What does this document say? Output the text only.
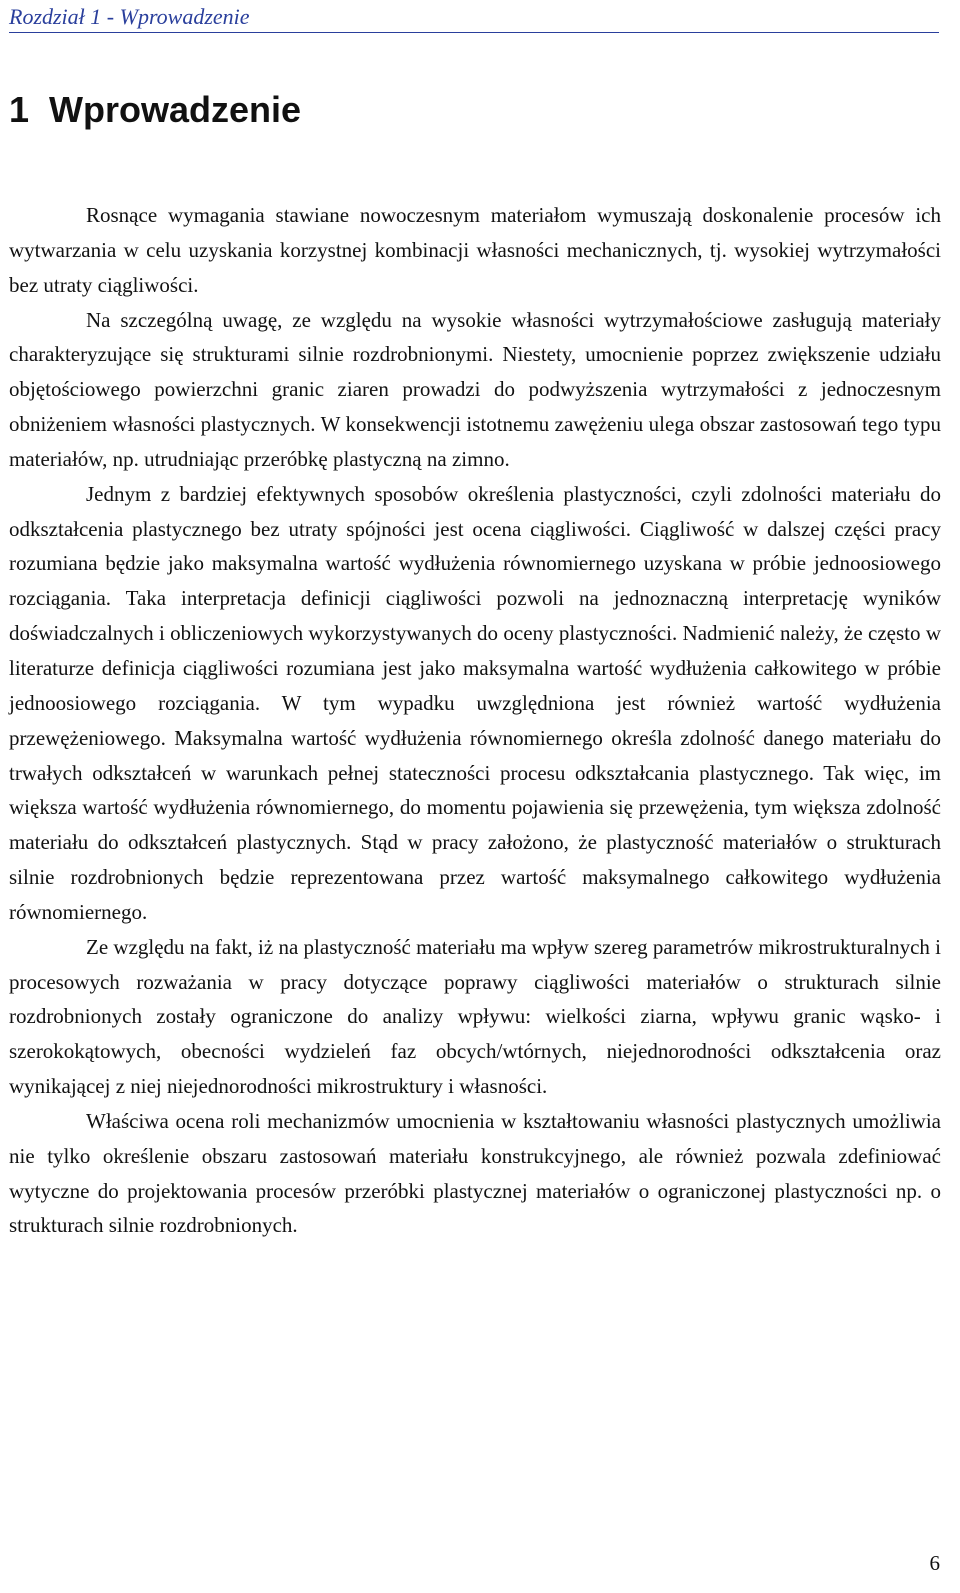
Rozdział 1 - Wprowadzenie
1 Wprowadzenie

Rosnące wymagania stawiane nowoczesnym materiałom wymuszają doskonalenie procesów ich wytwarzania w celu uzyskania korzystnej kombinacji własności mechanicznych, tj. wysokiej wytrzymałości bez utraty ciągliwości.

Na szczególną uwagę, ze względu na wysokie własności wytrzymałościowe zasługują materiały charakteryzujące się strukturami silnie rozdrobnionymi. Niestety, umocnienie poprzez zwiększenie udziału objętościowego powierzchni granic ziaren prowadzi do podwyższenia wytrzymałości z jednoczesnym obniżeniem własności plastycznych. W konsekwencji istotnemu zawężeniu ulega obszar zastosowań tego typu materiałów, np. utrudniając przeróbkę plastyczną na zimno.

Jednym z bardziej efektywnych sposobów określenia plastyczności, czyli zdolności materiału do odkształcenia plastycznego bez utraty spójności jest ocena ciągliwości. Ciągliwość w dalszej części pracy rozumiana będzie jako maksymalna wartość wydłużenia równomiernego uzyskana w próbie jednoosiowego rozciągania. Taka interpretacja definicji ciągliwości pozwoli na jednoznaczną interpretację wyników doświadczalnych i obliczeniowych wykorzystywanych do oceny plastyczności. Nadmienić należy, że często w literaturze definicja ciągliwości rozumiana jest jako maksymalna wartość wydłużenia całkowitego w próbie jednoosiowego rozciągania. W tym wypadku uwzględniona jest również wartość wydłużenia przewężeniowego. Maksymalna wartość wydłużenia równomiernego określa zdolność danego materiału do trwałych odkształceń w warunkach pełnej stateczności procesu odkształcania plastycznego. Tak więc, im większa wartość wydłużenia równomiernego, do momentu pojawienia się przewężenia, tym większa zdolność materiału do odkształceń plastycznych. Stąd w pracy założono, że plastyczność materiałów o strukturach silnie rozdrobnionych będzie reprezentowana przez wartość maksymalnego całkowitego wydłużenia równomiernego.

Ze względu na fakt, iż na plastyczność materiału ma wpływ szereg parametrów mikrostrukturalnych i procesowych rozważania w pracy dotyczące poprawy ciągliwości materiałów o strukturach silnie rozdrobnionych zostały ograniczone do analizy wpływu: wielkości ziarna, wpływu granic wąsko- i szerokokątowych, obecności wydzieleń faz obcych/wtórnych, niejednorodności odkształcenia oraz wynikającej z niej niejednorodności mikrostruktury i własności.

Właściwa ocena roli mechanizmów umocnienia w kształtowaniu własności plastycznych umożliwia nie tylko określenie obszaru zastosowań materiału konstrukcyjnego, ale również pozwala zdefiniować wytyczne do projektowania procesów przeróbki plastycznej materiałów o ograniczonej plastyczności np. o strukturach silnie rozdrobnionych.

6
